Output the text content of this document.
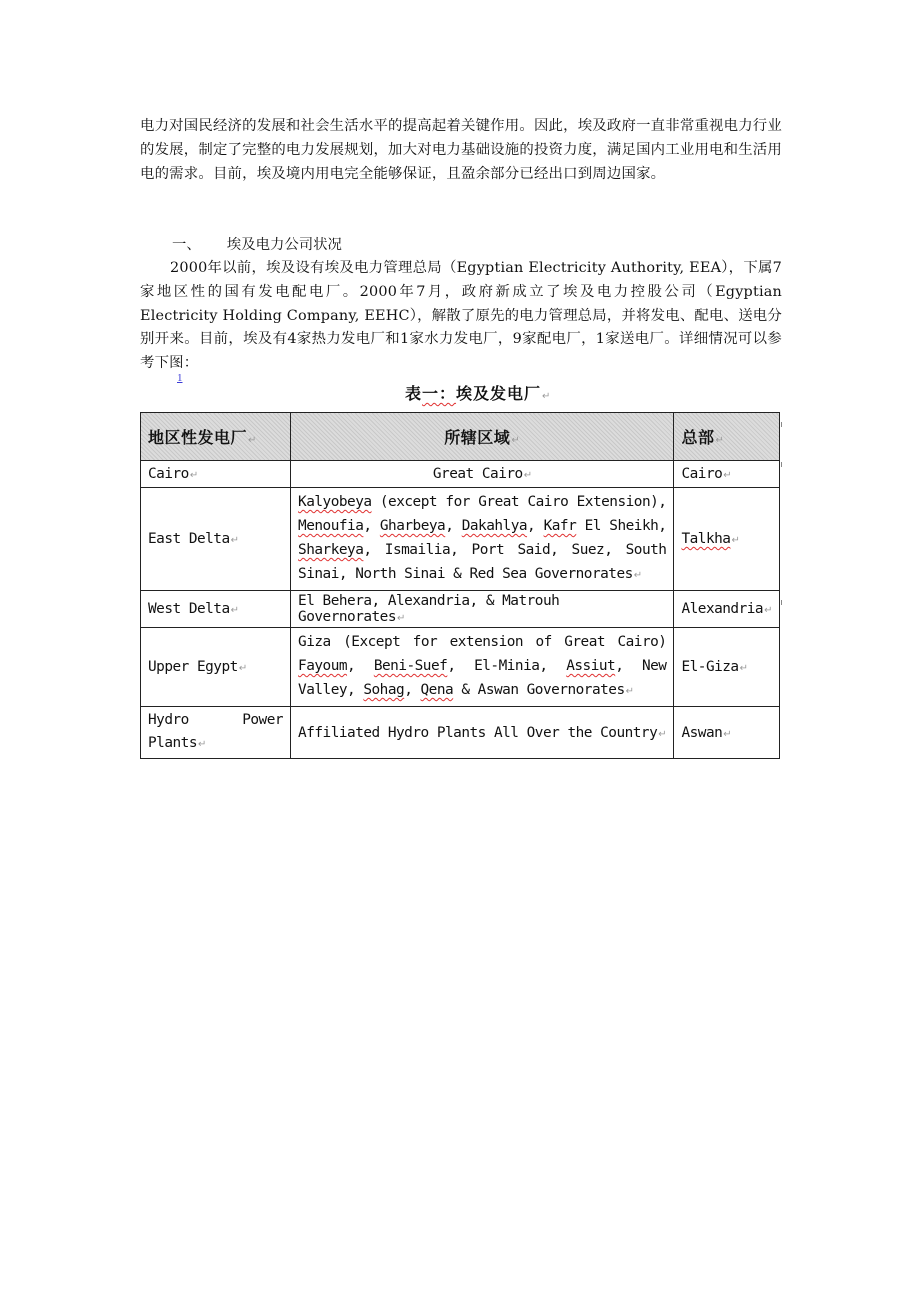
电力对国民经济的发展和社会生活水平的提高起着关键作用。因此，埃及政府一直非常重视电力行业的发展，制定了完整的电力发展规划，加大对电力基础设施的投资力度，满足国内工业用电和生活用电的需求。目前，埃及境内用电完全能够保证，且盈余部分已经出口到周边国家。

一、 埃及电力公司状况

2000年以前，埃及设有埃及电力管理总局（Egyptian Electricity Authority, EEA），下属7家地区性的国有发电配电厂。2000年7月，政府新成立了埃及电力控股公司（Egyptian Electricity Holding Company, EEHC），解散了原先的电力管理总局，并将发电、配电、送电分别开来。目前，埃及有4家热力发电厂和1家水力发电厂，9家配电厂，1家送电厂。详细情况可以参考下图：

1
表一：埃及发电厂↵
地区性发电厂↵	所辖区域↵	总部↵
Cairo↵	Great Cairo↵	Cairo↵
East Delta↵	Kalyobeya (except for Great Cairo Extension), Menoufia, Gharbeya, Dakahlya, Kafr El Sheikh, Sharkeya, Ismailia, Port Said, Suez, South Sinai, North Sinai & Red Sea Governorates↵	Talkha↵
West Delta↵	El Behera, Alexandria, & Matrouh Governorates↵	Alexandria↵
Upper Egypt↵	Giza (Except for extension of Great Cairo) Fayoum, Beni-Suef, El-Minia, Assiut, New Valley, Sohag, Qena & Aswan Governorates↵	El-Giza↵

Hydro Power
Plants↵	Affiliated Hydro Plants All Over the Country↵	Aswan↵
